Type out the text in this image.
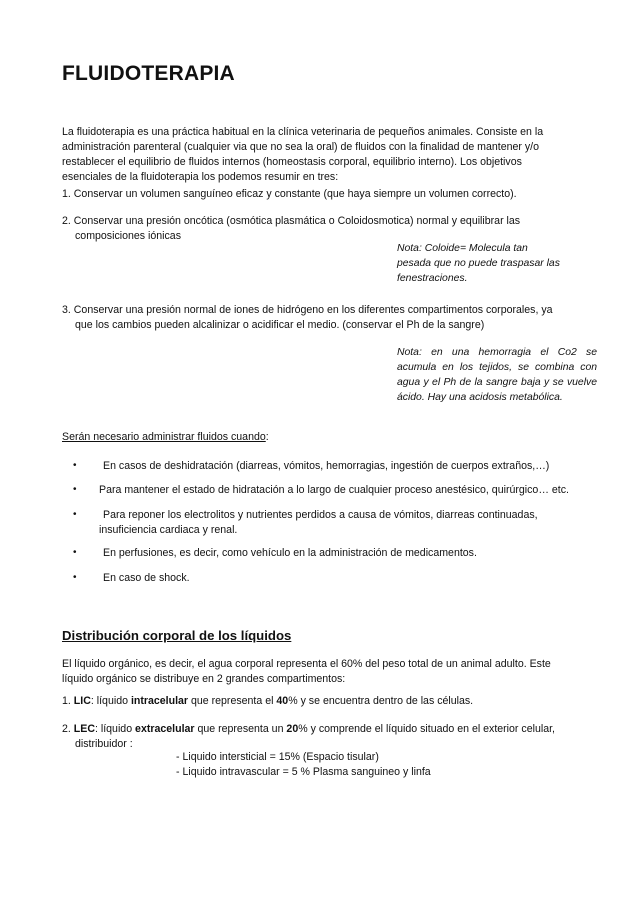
FLUIDOTERAPIA
La fluidoterapia es una práctica habitual en la clínica veterinaria de pequeños animales. Consiste en la
administración parenteral (cualquier via que no sea la oral) de fluidos con la finalidad de mantener y/o
restablecer el equilibrio de fluidos internos (homeostasis corporal, equilibrio interno). Los objetivos
esenciales de la fluidoterapia los podemos resumir en tres:
1. Conservar un volumen sanguíneo eficaz y constante (que haya siempre un volumen correcto).
2. Conservar una presión oncótica (osmótica plasmática o Coloidosmotica) normal y equilibrar las
composiciones iónicas
Nota: Coloide= Molecula tan
pesada que no puede traspasar las
fenestraciones.
3. Conservar una presión normal de iones de hidrógeno en los diferentes compartimentos corporales, ya
que los cambios pueden alcalinizar o acidificar el medio. (conservar el Ph de la sangre)
Nota: en una hemorragia el Co2 se
acumula en los tejidos, se combina con
agua y el Ph de la sangre baja y se vuelve
ácido. Hay una acidosis metabólica.
Serán necesario administrar fluidos cuando:
• En casos de deshidratación (diarreas, vómitos, hemorragias, ingestión de cuerpos extraños,…)
• Para mantener el estado de hidratación a lo largo de cualquier proceso anestésico, quirúrgico… etc.
•	Para reponer los electrolitos y nutrientes perdidos a causa de vómitos, diarreas continuadas,
insuficiencia cardiaca y renal.
• En perfusiones, es decir, como vehículo en la administración de medicamentos.
• En caso de shock.
Distribución corporal de los líquidos
El líquido orgánico, es decir, el agua corporal representa el 60% del peso total de un animal adulto. Este
líquido orgánico se distribuye en 2 grandes compartimentos:
1. LIC: líquido intracelular que representa el 40% y se encuentra dentro de las células.
2. LEC: líquido extracelular que representa un 20% y comprende el líquido situado en el exterior celular,
distribuidor :
- Liquido intersticial = 15% (Espacio tisular)
- Liquido intravascular = 5 % Plasma sanguineo y linfa
